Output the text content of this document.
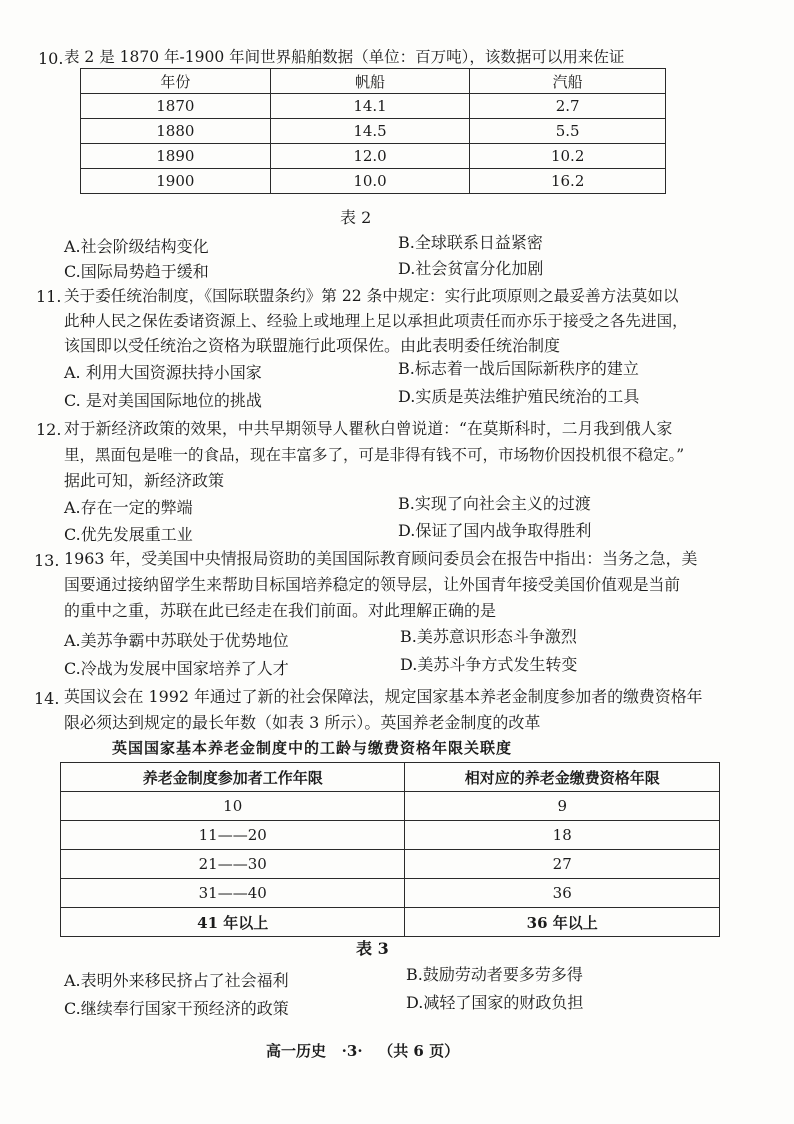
10. 表 2 是 1870 年-1900 年间世界船舶数据（单位：百万吨），该数据可以用来佐证
年份	帆船	汽船
1870	14.1	2.7
1880	14.5	5.5
1890	12.0	10.2
1900	10.0	16.2
表 2
A.社会阶级结构变化	B.全球联系日益紧密
C.国际局势趋于缓和	D.社会贫富分化加剧
11. 关于委任统治制度，《国际联盟条约》第 22 条中规定：实行此项原则之最妥善方法莫如以
此种人民之保佐委诸资源上、经验上或地理上足以承担此项责任而亦乐于接受之各先进国，
该国即以受任统治之资格为联盟施行此项保佐。由此表明委任统治制度
A. 利用大国资源扶持小国家	B.标志着一战后国际新秩序的建立
C. 是对美国国际地位的挑战	D.实质是英法维护殖民统治的工具
12. 对于新经济政策的效果，中共早期领导人瞿秋白曾说道：“在莫斯科时，二月我到俄人家
里，黑面包是唯一的食品，现在丰富多了，可是非得有钱不可，市场物价因投机很不稳定。”
据此可知，新经济政策
A.存在一定的弊端	B.实现了向社会主义的过渡
C.优先发展重工业	D.保证了国内战争取得胜利
13. 1963 年，受美国中央情报局资助的美国国际教育顾问委员会在报告中指出：当务之急，美
国要通过接纳留学生来帮助目标国培养稳定的领导层，让外国青年接受美国价值观是当前
的重中之重，苏联在此已经走在我们前面。对此理解正确的是
A.美苏争霸中苏联处于优势地位	B.美苏意识形态斗争激烈
C.冷战为发展中国家培养了人才	D.美苏斗争方式发生转变
14. 英国议会在 1992 年通过了新的社会保障法，规定国家基本养老金制度参加者的缴费资格年
限必须达到规定的最长年数（如表 3 所示）。英国养老金制度的改革
英国国家基本养老金制度中的工龄与缴费资格年限关联度
养老金制度参加者工作年限	相对应的养老金缴费资格年限
10	9
11——20	18
21——30	27
31——40	36
41 年以上	36 年以上
表 3
A.表明外来移民挤占了社会福利	B.鼓励劳动者要多劳多得
C.继续奉行国家干预经济的政策	D.减轻了国家的财政负担
高一历史   ·3·   （共 6 页）
